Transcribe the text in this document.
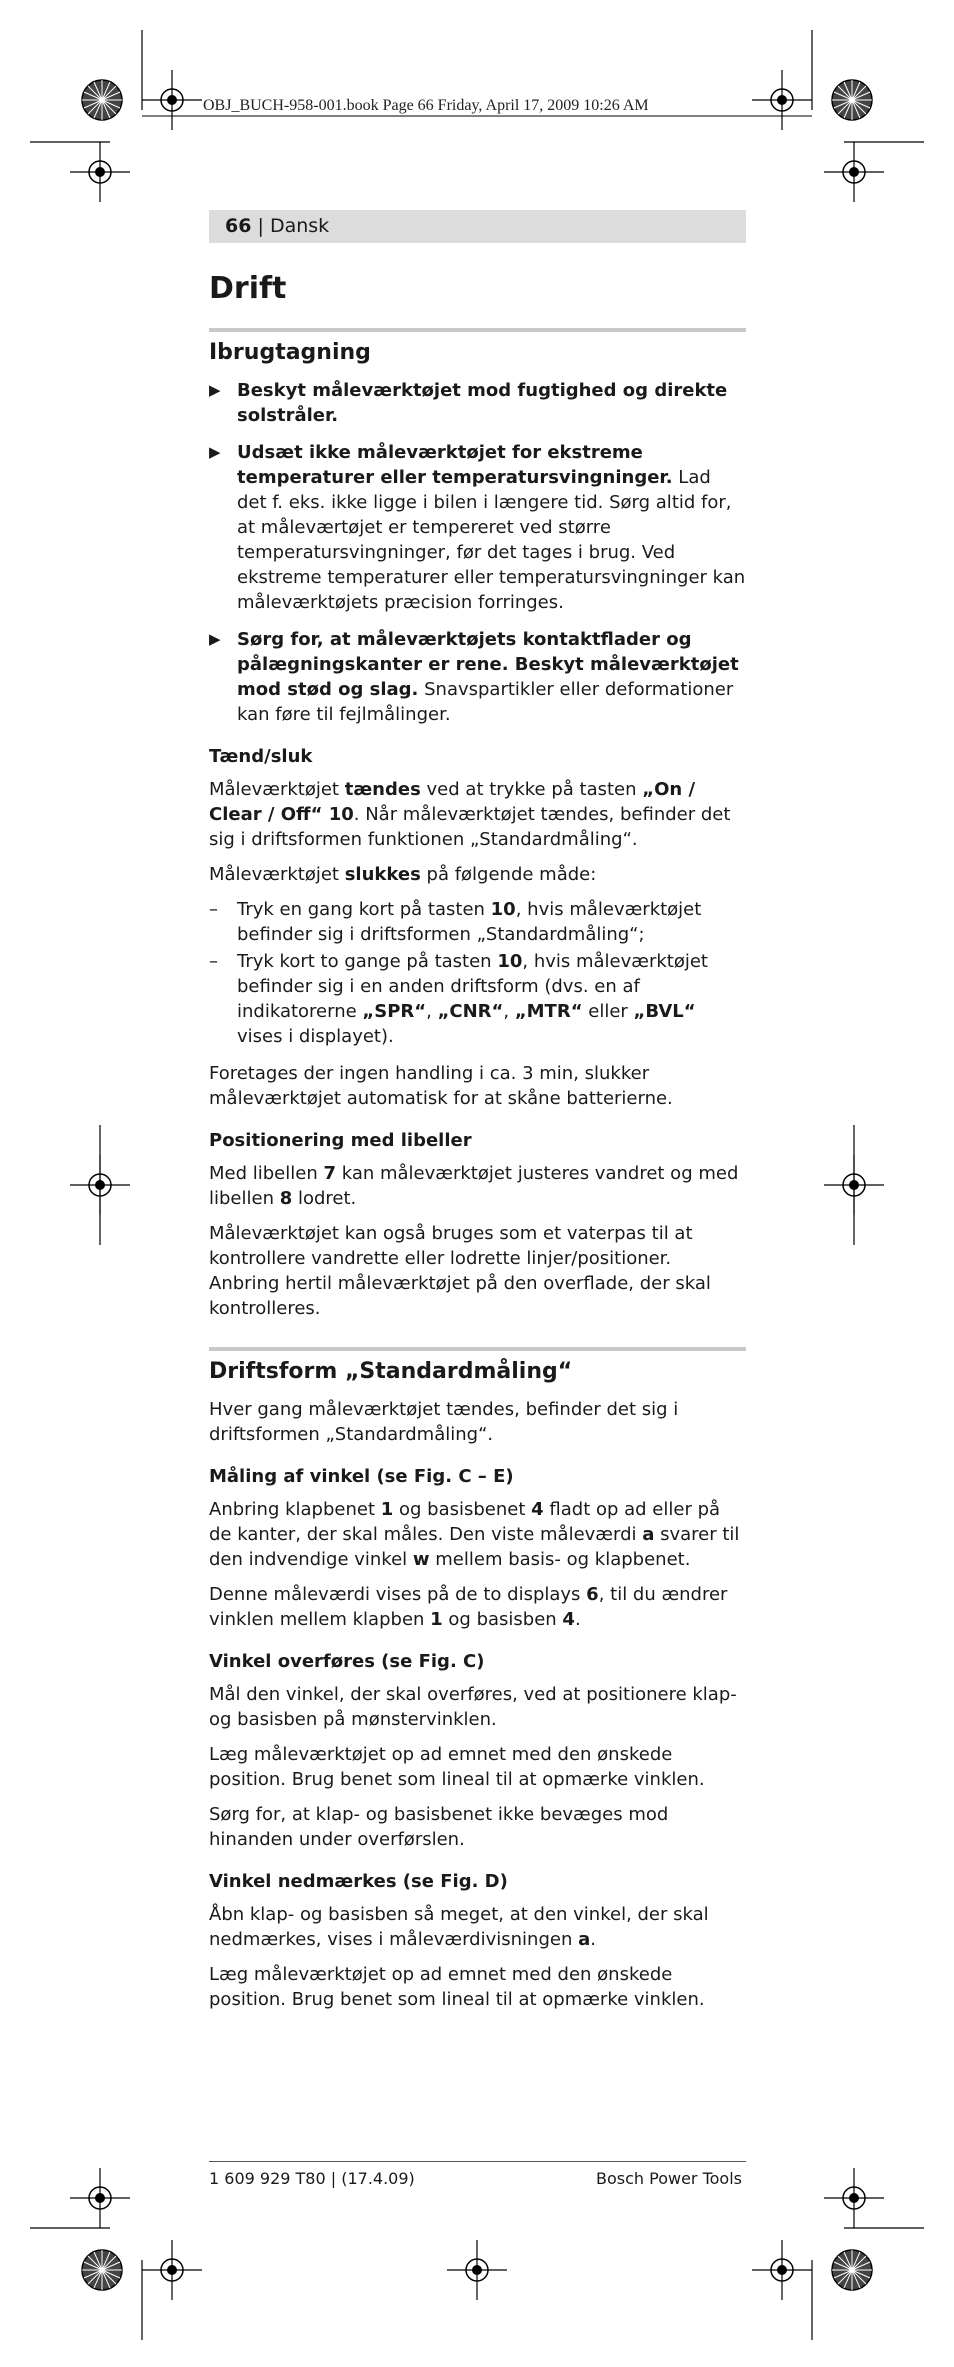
OBJ_BUCH-958-001.book Page 66 Friday, April 17, 2009 10:26 AM
66 | Dansk
Drift
Ibrugtagning
▶ Beskyt måleværktøjet mod fugtighed og direkte solstråler.
▶ Udsæt ikke måleværktøjet for ekstreme temperaturer eller temperatursvingninger. Lad det f. eks. ikke ligge i bilen i længere tid. Sørg altid for, at måleværtøjet er tempereret ved større temperatursvingninger, før det tages i brug. Ved ekstreme temperaturer eller temperatursvingninger kan måleværktøjets præcision forringes.
▶ Sørg for, at måleværktøjets kontaktflader og pålægningskanter er rene. Beskyt måleværktøjet mod stød og slag. Snavspartikler eller deformationer kan føre til fejlmålinger.
Tænd/sluk

Måleværktøjet tændes ved at trykke på tasten „On / Clear / Off“ 10. Når måleværktøjet tændes, befinder det sig i driftsformen funktionen „Standardmåling“.

Måleværktøjet slukkes på følgende måde:

– Tryk en gang kort på tasten 10, hvis måleværktøjet befinder sig i driftsformen „Standardmåling“;
– Tryk kort to gange på tasten 10, hvis måleværktøjet befinder sig i en anden driftsform (dvs. en af indikatorerne „SPR“, „CNR“, „MTR“ eller „BVL“ vises i displayet).

Foretages der ingen handling i ca. 3 min, slukker måleværktøjet automatisk for at skåne batterierne.

Positionering med libeller

Med libellen 7 kan måleværktøjet justeres vandret og med libellen 8 lodret.

Måleværktøjet kan også bruges som et vaterpas til at kontrollere vandrette eller lodrette linjer/positioner. Anbring hertil måleværktøjet på den overflade, der skal kontrolleres.

Driftsform „Standardmåling“

Hver gang måleværktøjet tændes, befinder det sig i driftsformen „Standardmåling“.

Måling af vinkel (se Fig. C – E)

Anbring klapbenet 1 og basisbenet 4 fladt op ad eller på de kanter, der skal måles. Den viste måleværdi a svarer til den indvendige vinkel w mellem basis- og klapbenet.

Denne måleværdi vises på de to displays 6, til du ændrer vinklen mellem klapben 1 og basisben 4.

Vinkel overføres (se Fig. C)

Mål den vinkel, der skal overføres, ved at positionere klap- og basisben på mønstervinklen.

Læg måleværktøjet op ad emnet med den ønskede position. Brug benet som lineal til at opmærke vinklen.

Sørg for, at klap- og basisbenet ikke bevæges mod hinanden under overførslen.

Vinkel nedmærkes (se Fig. D)

Åbn klap- og basisben så meget, at den vinkel, der skal nedmærkes, vises i måleværdivisningen a.

Læg måleværktøjet op ad emnet med den ønskede position. Brug benet som lineal til at opmærke vinklen.

1 609 929 T80 | (17.4.09)	Bosch Power Tools
